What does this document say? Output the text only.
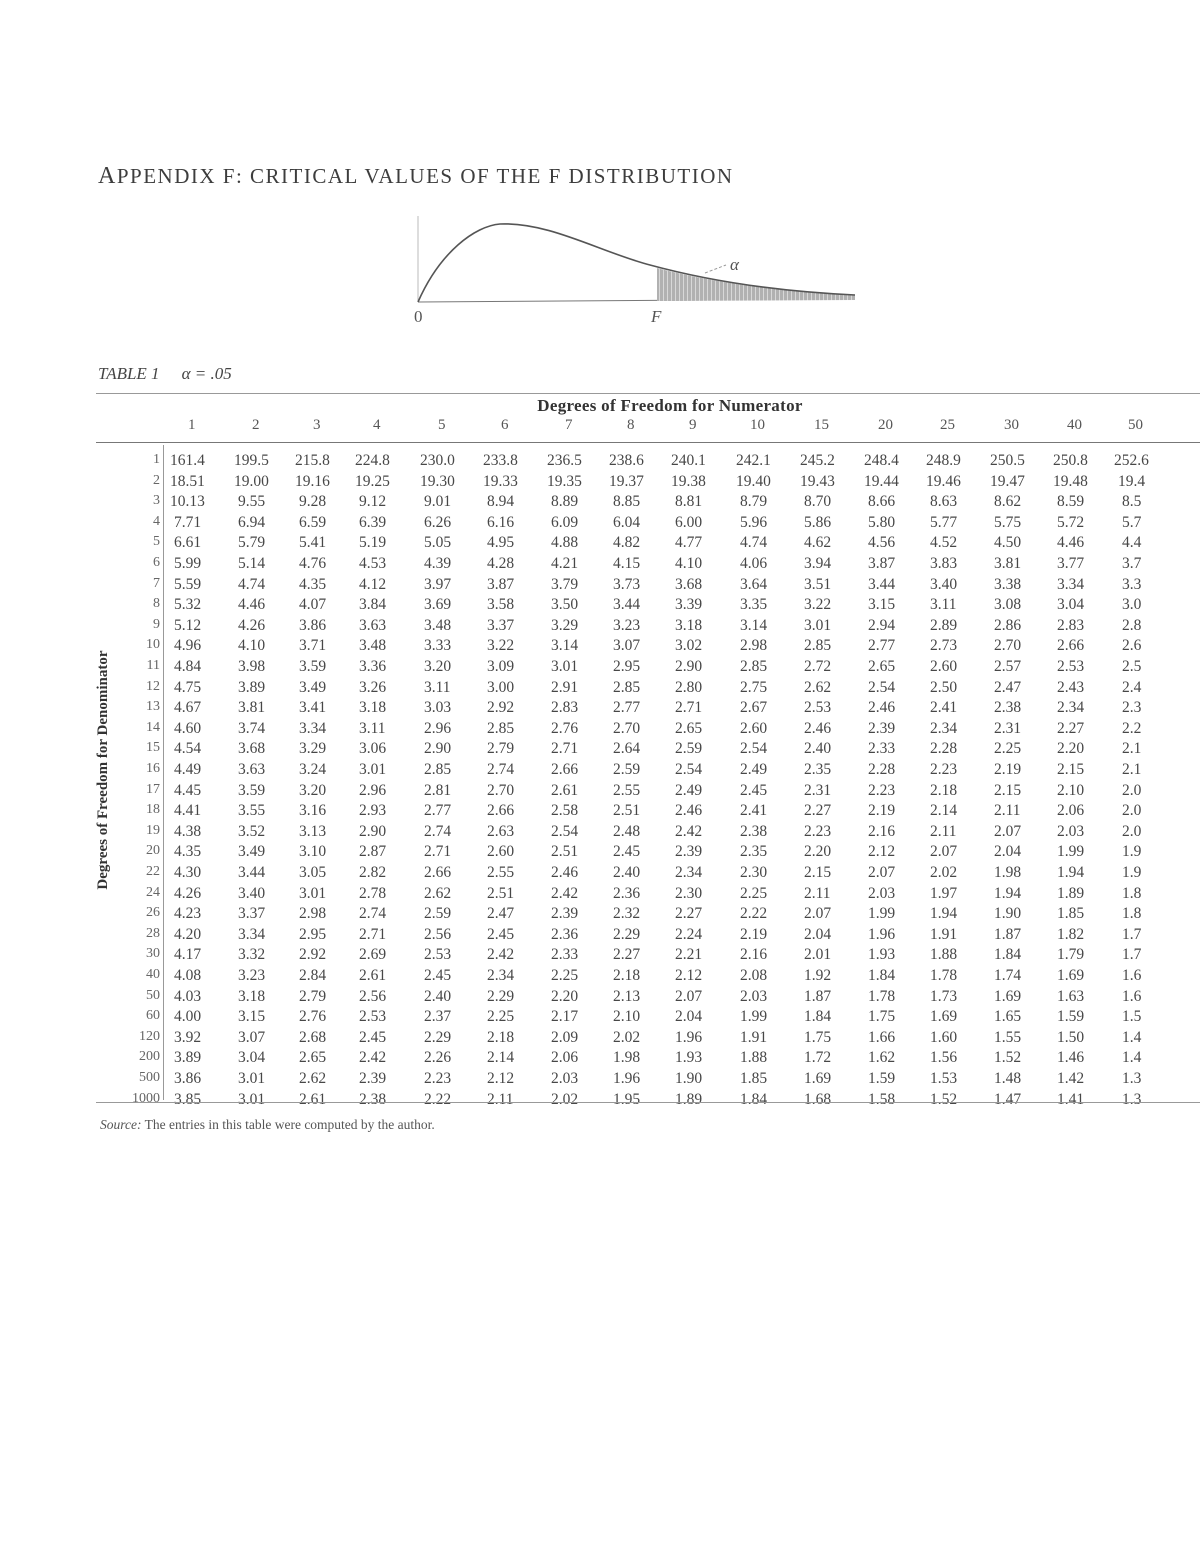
APPENDIX F: CRITICAL VALUES OF THE F DISTRIBUTION
α
0	F
TABLE 1 α = .05
Degrees of Freedom for Numerator
1	2	3	4	5	6	7	8	9	10	15	20	25	30	40	50
Degrees of Freedom for Denominator
1 161.4 199.5 215.8 224.8 230.0 233.8 236.5 238.6 240.1 242.1 245.2 248.4 248.9 250.5 250.8 252.6
2 18.51 19.00 19.16 19.25 19.30 19.33 19.35 19.37 19.38 19.40 19.43 19.44 19.46 19.47 19.48 19.4
3 10.13 9.55 9.28 9.12 9.01 8.94 8.89 8.85 8.81 8.79 8.70 8.66 8.63 8.62 8.59 8.5
4 7.71 6.94 6.59 6.39 6.26 6.16 6.09 6.04 6.00 5.96 5.86 5.80 5.77 5.75 5.72 5.7
5 6.61 5.79 5.41 5.19 5.05 4.95 4.88 4.82 4.77 4.74 4.62 4.56 4.52 4.50 4.46 4.4
6 5.99 5.14 4.76 4.53 4.39 4.28 4.21 4.15 4.10 4.06 3.94 3.87 3.83 3.81 3.77 3.7
7 5.59 4.74 4.35 4.12 3.97 3.87 3.79 3.73 3.68 3.64 3.51 3.44 3.40 3.38 3.34 3.3
8 5.32 4.46 4.07 3.84 3.69 3.58 3.50 3.44 3.39 3.35 3.22 3.15 3.11 3.08 3.04 3.0
9 5.12 4.26 3.86 3.63 3.48 3.37 3.29 3.23 3.18 3.14 3.01 2.94 2.89 2.86 2.83 2.8
10 4.96 4.10 3.71 3.48 3.33 3.22 3.14 3.07 3.02 2.98 2.85 2.77 2.73 2.70 2.66 2.6
11 4.84 3.98 3.59 3.36 3.20 3.09 3.01 2.95 2.90 2.85 2.72 2.65 2.60 2.57 2.53 2.5
12 4.75 3.89 3.49 3.26 3.11 3.00 2.91 2.85 2.80 2.75 2.62 2.54 2.50 2.47 2.43 2.4
13 4.67 3.81 3.41 3.18 3.03 2.92 2.83 2.77 2.71 2.67 2.53 2.46 2.41 2.38 2.34 2.3
14 4.60 3.74 3.34 3.11 2.96 2.85 2.76 2.70 2.65 2.60 2.46 2.39 2.34 2.31 2.27 2.2
15 4.54 3.68 3.29 3.06 2.90 2.79 2.71 2.64 2.59 2.54 2.40 2.33 2.28 2.25 2.20 2.1
16 4.49 3.63 3.24 3.01 2.85 2.74 2.66 2.59 2.54 2.49 2.35 2.28 2.23 2.19 2.15 2.1
17 4.45 3.59 3.20 2.96 2.81 2.70 2.61 2.55 2.49 2.45 2.31 2.23 2.18 2.15 2.10 2.0
18 4.41 3.55 3.16 2.93 2.77 2.66 2.58 2.51 2.46 2.41 2.27 2.19 2.14 2.11 2.06 2.0
19 4.38 3.52 3.13 2.90 2.74 2.63 2.54 2.48 2.42 2.38 2.23 2.16 2.11 2.07 2.03 2.0
20 4.35 3.49 3.10 2.87 2.71 2.60 2.51 2.45 2.39 2.35 2.20 2.12 2.07 2.04 1.99 1.9
22 4.30 3.44 3.05 2.82 2.66 2.55 2.46 2.40 2.34 2.30 2.15 2.07 2.02 1.98 1.94 1.9
24 4.26 3.40 3.01 2.78 2.62 2.51 2.42 2.36 2.30 2.25 2.11 2.03 1.97 1.94 1.89 1.8
26 4.23 3.37 2.98 2.74 2.59 2.47 2.39 2.32 2.27 2.22 2.07 1.99 1.94 1.90 1.85 1.8
28 4.20 3.34 2.95 2.71 2.56 2.45 2.36 2.29 2.24 2.19 2.04 1.96 1.91 1.87 1.82 1.7
30 4.17 3.32 2.92 2.69 2.53 2.42 2.33 2.27 2.21 2.16 2.01 1.93 1.88 1.84 1.79 1.7
40 4.08 3.23 2.84 2.61 2.45 2.34 2.25 2.18 2.12 2.08 1.92 1.84 1.78 1.74 1.69 1.6
50 4.03 3.18 2.79 2.56 2.40 2.29 2.20 2.13 2.07 2.03 1.87 1.78 1.73 1.69 1.63 1.6
60 4.00 3.15 2.76 2.53 2.37 2.25 2.17 2.10 2.04 1.99 1.84 1.75 1.69 1.65 1.59 1.5
120 3.92 3.07 2.68 2.45 2.29 2.18 2.09 2.02 1.96 1.91 1.75 1.66 1.60 1.55 1.50 1.4
200 3.89 3.04 2.65 2.42 2.26 2.14 2.06 1.98 1.93 1.88 1.72 1.62 1.56 1.52 1.46 1.4
500 3.86 3.01 2.62 2.39 2.23 2.12 2.03 1.96 1.90 1.85 1.69 1.59 1.53 1.48 1.42 1.3
1000 3.85 3.01 2.61 2.38 2.22 2.11 2.02 1.95 1.89 1.84 1.68 1.58 1.52 1.47 1.41 1.3
Source: The entries in this table were computed by the author.
